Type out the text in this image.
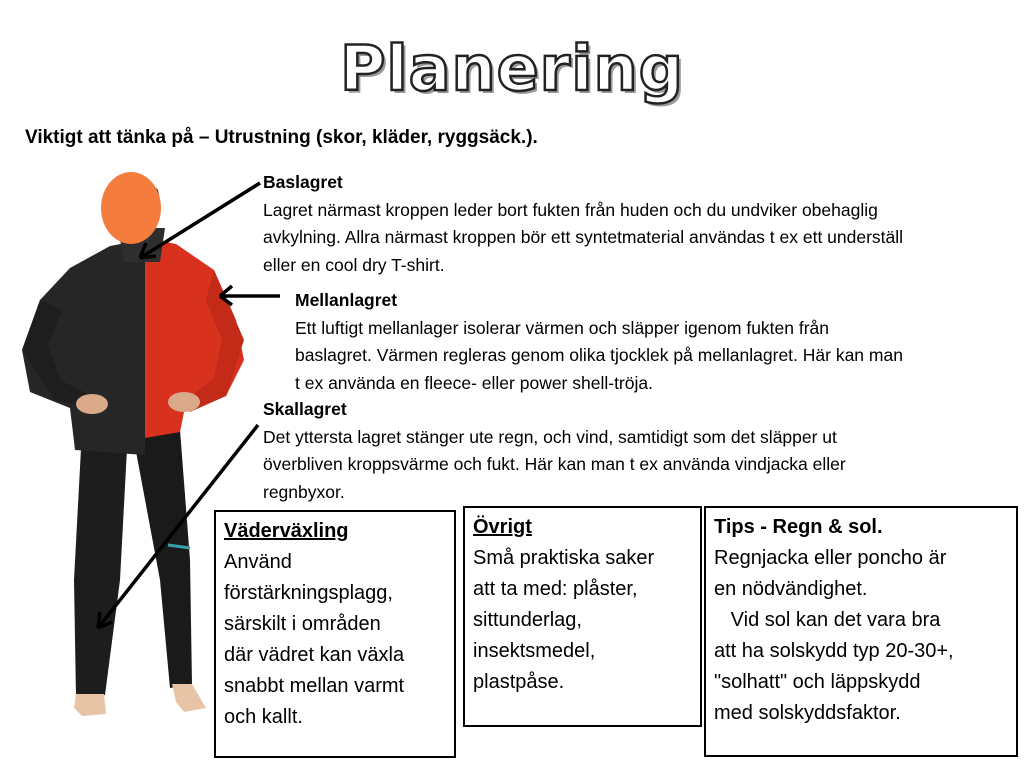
Planering
Viktigt att tänka på – Utrustning (skor, kläder, ryggsäck.).
Baslagret
Lagret närmast kroppen leder bort fukten från huden och du undviker obehaglig
avkylning. Allra närmast kroppen bör ett syntetmaterial användas t ex ett underställ
eller en cool dry T-shirt.
Mellanlagret
Ett luftigt mellanlager isolerar värmen och släpper igenom fukten från
baslagret. Värmen regleras genom olika tjocklek på mellanlagret. Här kan man
t ex använda en fleece- eller power shell-tröja.
Skallagret
Det yttersta lagret stänger ute regn, och vind, samtidigt som det släpper ut
överbliven kroppsvärme och fukt. Här kan man t ex använda vindjacka eller
regnbyxor.
Väderväxling
Använd
förstärkningsplagg,
särskilt i områden
där vädret kan växla
snabbt mellan varmt
och kallt.
Övrigt
Små praktiska saker
att ta med: plåster,
sittunderlag,
insektsmedel,
plastpåse.
Tips - Regn & sol.
Regnjacka eller poncho är
en nödvändighet.
Vid sol kan det vara bra
att ha solskydd typ 20-30+,
"solhatt" och läppskydd
med solskyddsfaktor.
